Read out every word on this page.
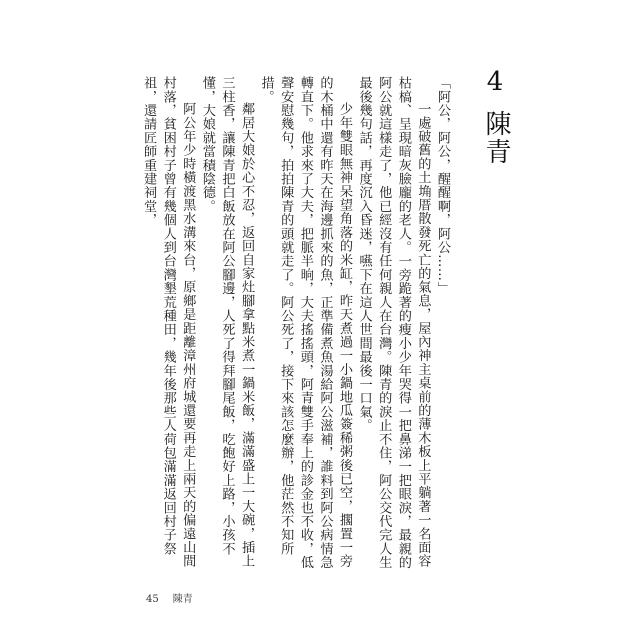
4陳青

「阿公，阿公，醒醒啊，阿公……」

一處破舊的土埆厝散發死亡的氣息，屋內神主桌前的薄木板上平躺著一名面容枯槁、呈現暗灰臉龐的老人。一旁跪著的瘦小少年哭得一把鼻涕一把眼淚，最親的阿公就這樣走了，他已經沒有任何親人在台灣。陳青的淚止不住，阿公交代完人生最後幾句話，再度沉入昏迷，嚥下在這人世間最後一口氣。

少年雙眼無神呆望角落的米缸，昨天煮過一小鍋地瓜簽稀粥後已空，擱置一旁的木桶中還有昨天在海邊抓來的魚，正準備煮魚湯給阿公滋補，誰料到阿公病情急轉直下。他求來了大夫，把脈半晌，大夫搖搖頭，阿青雙手奉上的診金也不收，低聲安慰幾句，拍拍陳青的頭就走了。阿公死了，接下來該怎麼辦，他茫然不知所措。

鄰居大娘於心不忍，返回自家灶腳拿點米煮一鍋米飯，滿滿盛上一大碗，插上三柱香，讓陳青把白飯放在阿公腳邊，人死了得拜腳尾飯，吃飽好上路，小孩不懂，大娘就當積陰德。

阿公年少時橫渡黑水溝來台，原鄉是距離漳州府城還要再走上兩天的偏遠山間村落，貧困村子曾有幾個人到台灣墾荒種田，幾年後那些人荷包滿滿返回村子祭祖，還請匠師重建祠堂，

45 陳青
